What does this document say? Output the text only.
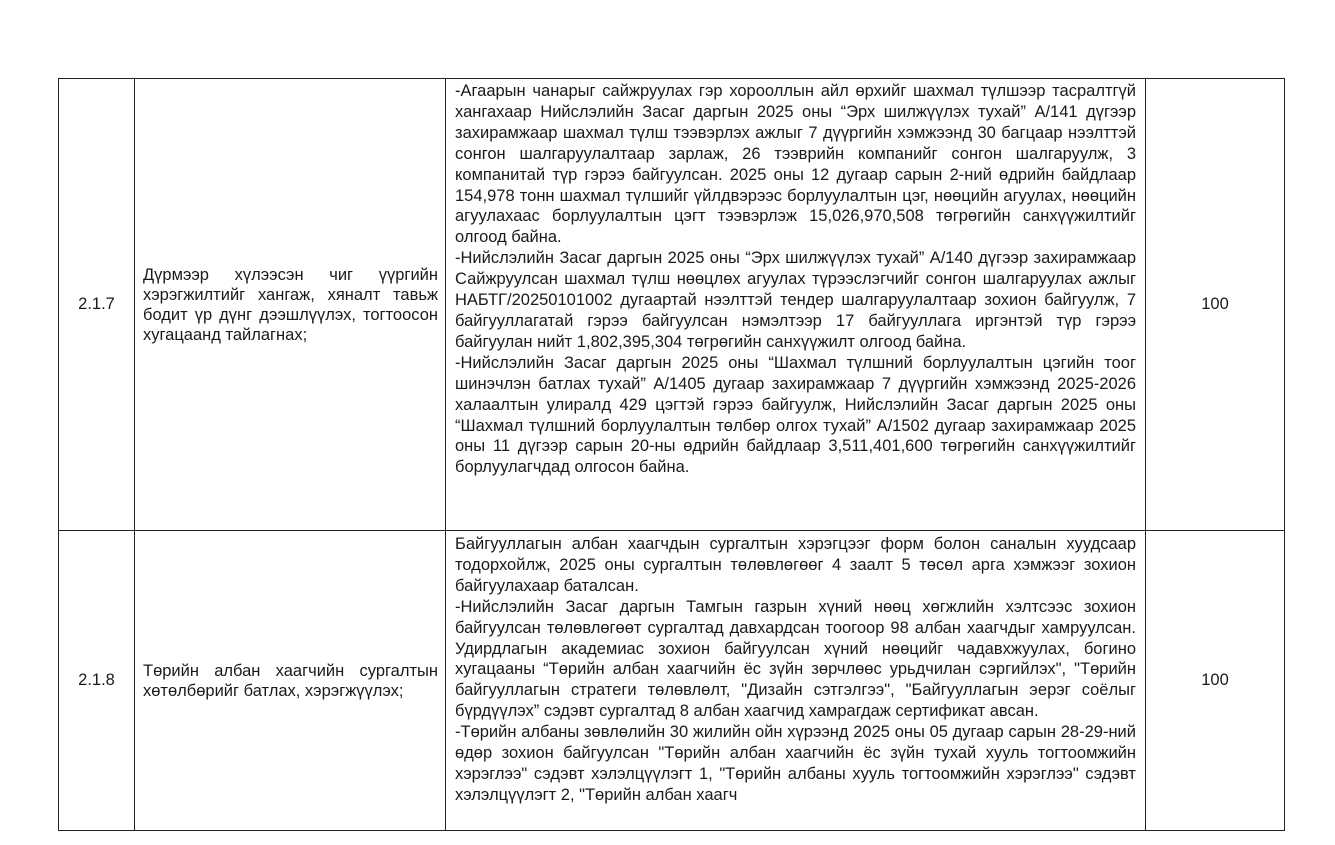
2.1.7	Дүрмээр хүлээсэн чиг үүргийн хэрэгжилтийг хангаж, хяналт тавьж бодит үр дүнг дээшлүүлэх, тогтоосон хугацаанд тайлагнах;	-Агаарын чанарыг сайжруулах гэр хорооллын айл өрхийг шахмал түлшээр тасралтгүй хангахаар Нийслэлийн Засаг даргын 2025 оны “Эрх шилжүүлэх тухай” А/141 дүгээр захирамжаар шахмал түлш тээвэрлэх ажлыг 7 дүүргийн хэмжээнд 30 багцаар нээлттэй сонгон шалгаруулалтаар зарлаж, 26 тээврийн компанийг сонгон шалгаруулж, 3 компанитай түр гэрээ байгуулсан. 2025 оны 12 дугаар сарын 2-ний өдрийн байдлаар 154,978 тонн шахмал түлшийг үйлдвэрээс борлуулалтын цэг, нөөцийн агуулах, нөөцийн агуулахаас борлуулалтын цэгт тээвэрлэж 15,026,970,508 төгрөгийн санхүүжилтийг олгоод байна.

-Нийслэлийн Засаг даргын 2025 оны “Эрх шилжүүлэх тухай” А/140 дүгээр захирамжаар Сайжруулсан шахмал түлш нөөцлөх агуулах түрээслэгчийг сонгон шалгаруулах ажлыг НАБТГ/20250101002 дугаартай нээлттэй тендер шалгаруулалтаар зохион байгуулж, 7 байгууллагатай гэрээ байгуулсан нэмэлтээр 17 байгууллага иргэнтэй түр гэрээ байгуулан нийт 1,802,395,304 төгрөгийн санхүүжилт олгоод байна.

-Нийслэлийн Засаг даргын 2025 оны “Шахмал түлшний борлуулалтын цэгийн тоог шинэчлэн батлах тухай” А/1405 дугаар захирамжаар 7 дүүргийн хэмжээнд 2025-2026 халаалтын улиралд 429 цэгтэй гэрээ байгуулж, Нийслэлийн Засаг даргын 2025 оны “Шахмал түлшний борлуулалтын төлбөр олгох тухай” А/1502 дугаар захирамжаар 2025 оны 11 дүгээр сарын 20-ны өдрийн байдлаар 3,511,401,600 төгрөгийн санхүүжилтийг борлуулагчдад олгосон байна.	100
2.1.8	Төрийн албан хаагчийн сургалтын хөтөлбөрийг батлах, хэрэгжүүлэх;	Байгууллагын албан хаагчдын сургалтын хэрэгцээг форм болон саналын хуудсаар тодорхойлж, 2025 оны сургалтын төлөвлөгөөг 4 заалт 5 төсөл арга хэмжээг зохион байгуулахаар баталсан.

-Нийслэлийн Засаг даргын Тамгын газрын хүний нөөц хөгжлийн хэлтсээс зохион байгуулсан төлөвлөгөөт сургалтад давхардсан тоогоор 98 албан хаагчдыг хамруулсан. Удирдлагын академиас зохион байгуулсан хүний нөөцийг чадавхжуулах, богино хугацааны “Төрийн албан хаагчийн ёс зүйн зөрчлөөс урьдчилан сэргийлэх", "Төрийн байгууллагын стратеги төлөвлөлт, "Дизайн сэтгэлгээ", "Байгууллагын эерэг соёлыг бүрдүүлэх” сэдэвт сургалтад 8 албан хаагчид хамрагдаж сертификат авсан.

-Төрийн албаны зөвлөлийн 30 жилийн ойн хүрээнд 2025 оны 05 дугаар сарын 28-29-ний өдөр зохион байгуулсан "Төрийн албан хаагчийн ёс зүйн тухай хууль тогтоомжийн хэрэглээ" сэдэвт хэлэлцүүлэгт 1, "Төрийн албаны хууль тогтоомжийн хэрэглээ" сэдэвт хэлэлцүүлэгт 2, "Төрийн албан хаагч	100
